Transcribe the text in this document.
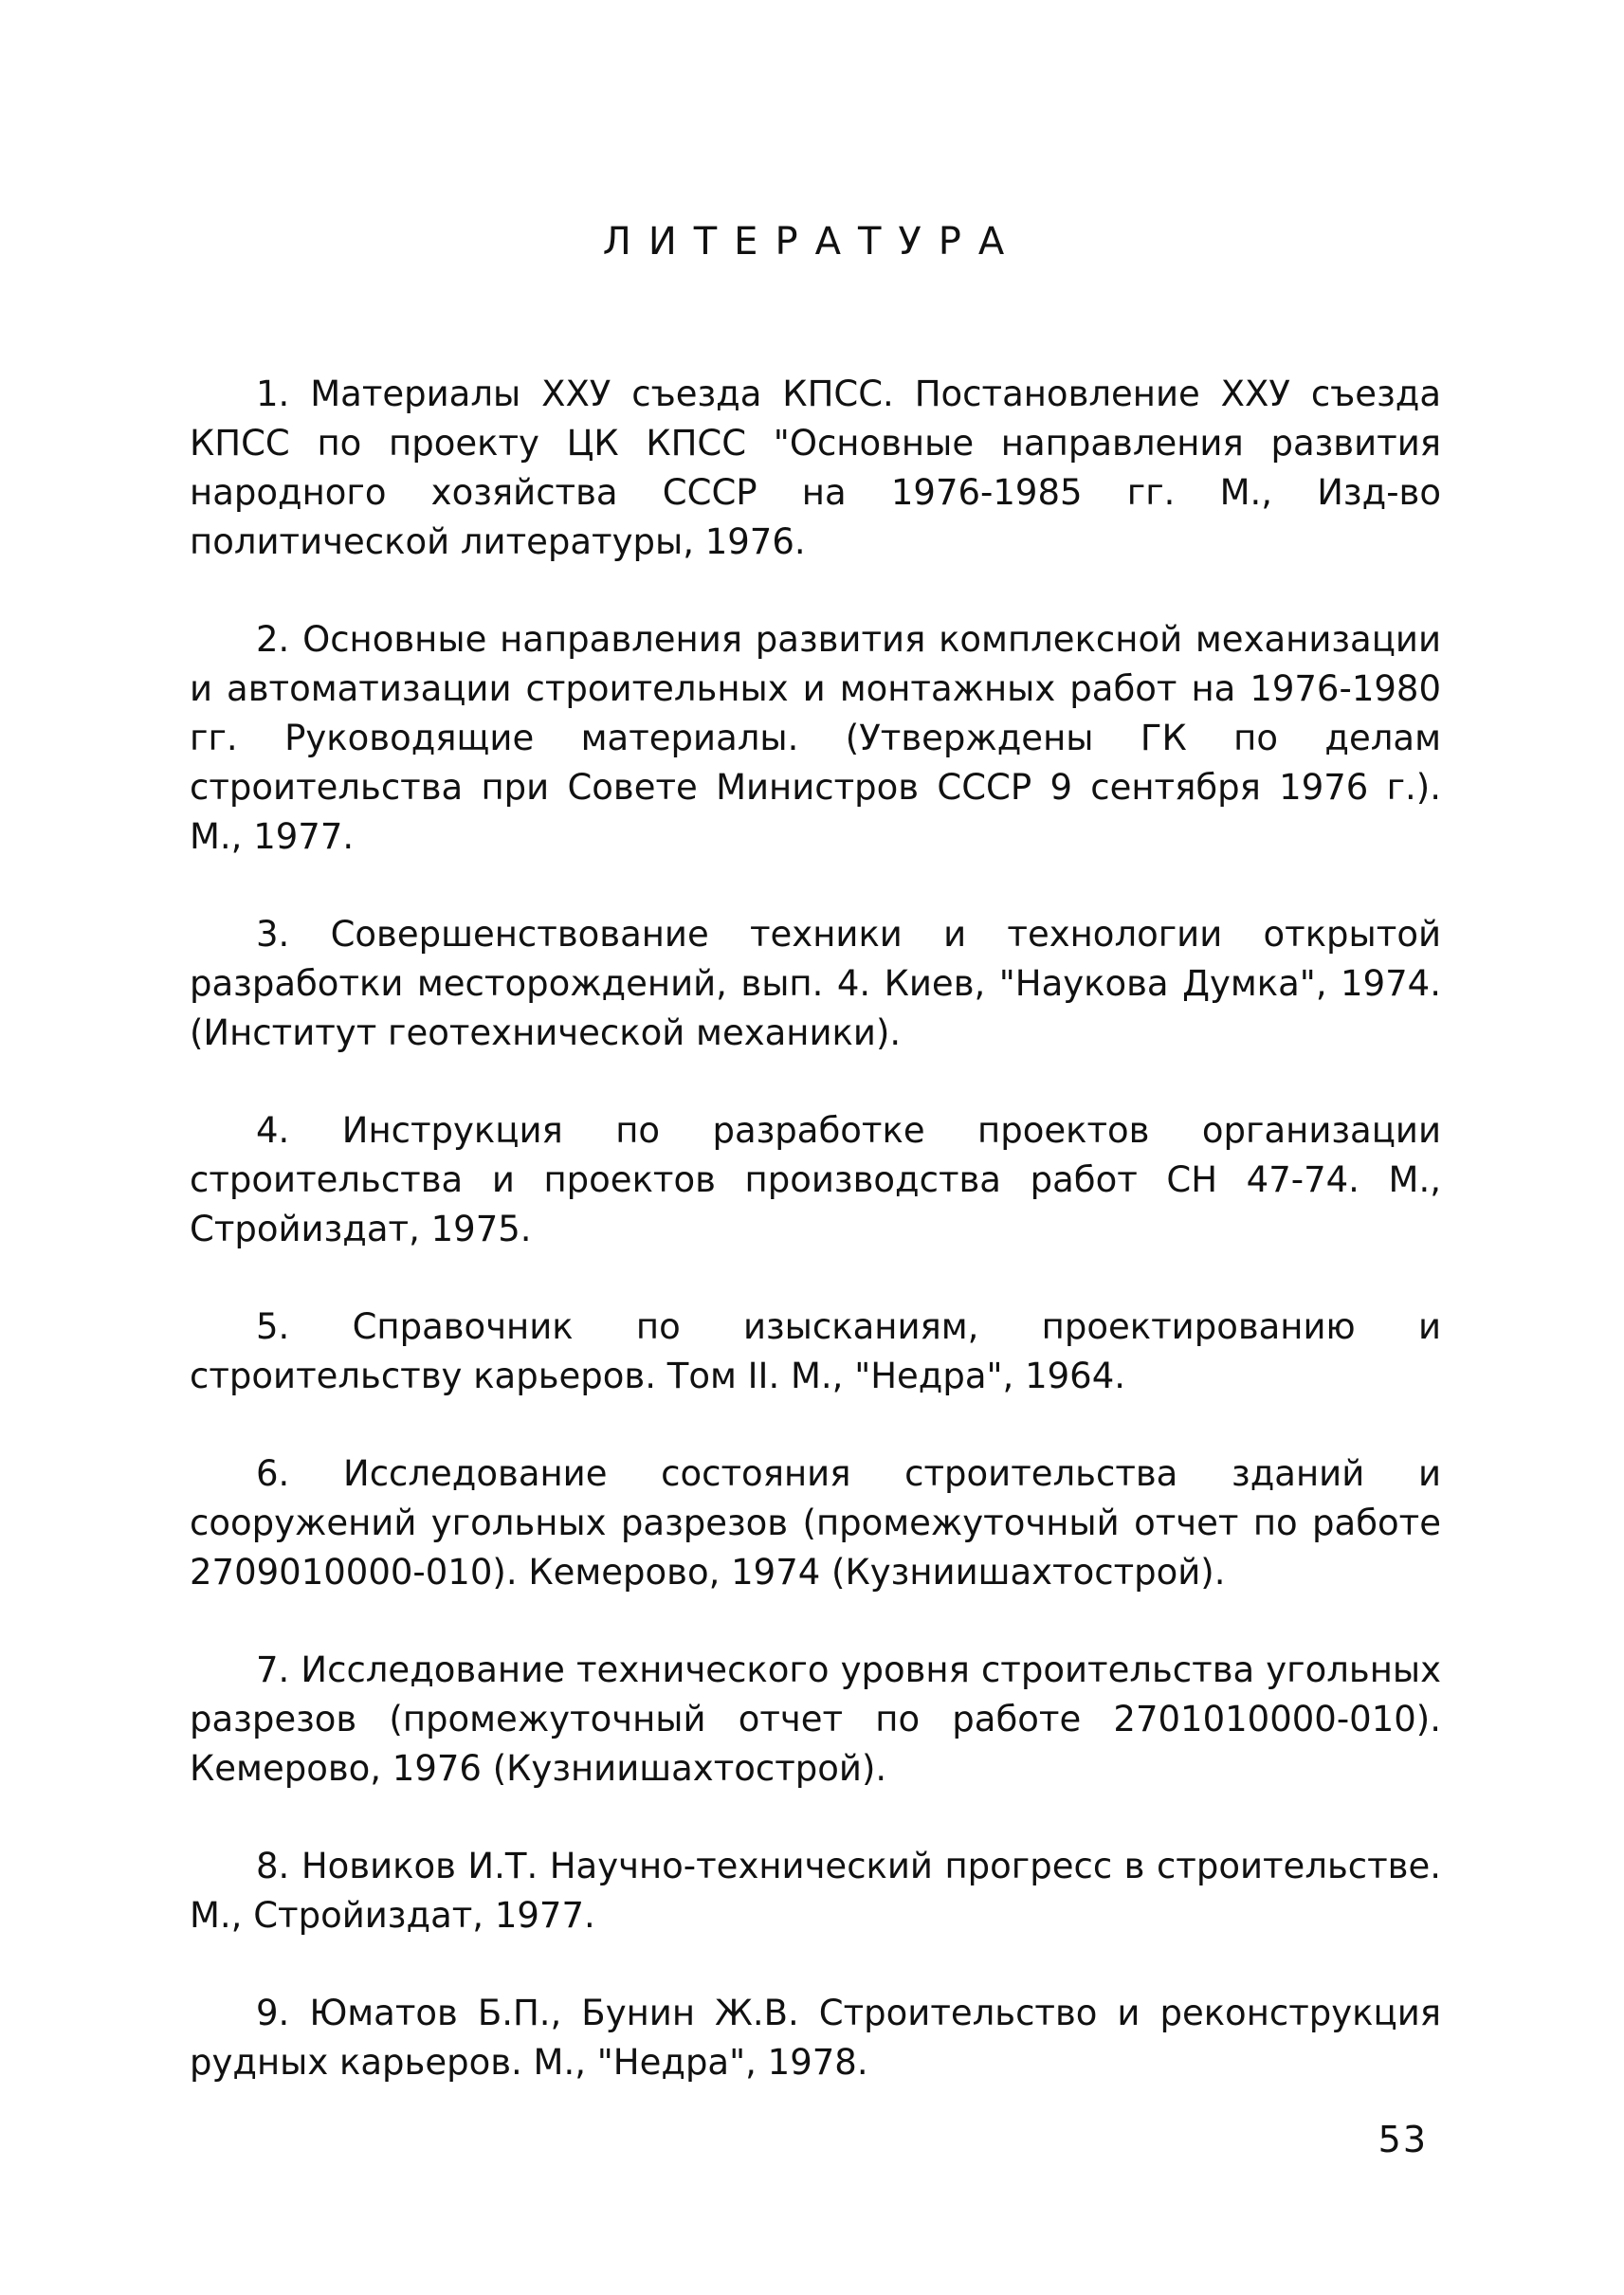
ЛИТЕРАТУРА

1. Материалы ХХУ съезда КПСС. Постановление ХХУ съезда КПСС по проекту ЦК КПСС "Основные направления развития народного хозяйства СССР на 1976-1985 гг. М., Изд-во политической литературы, 1976.

2. Основные направления развития комплексной механизации и автоматизации строительных и монтажных работ на 1976-1980 гг. Руководящие материалы. (Утверждены ГК по делам строительства при Совете Министров СССР 9 сентября 1976 г.). М., 1977.

3. Совершенствование техники и технологии открытой разработки месторождений, вып. 4. Киев, "Наукова Думка", 1974. (Институт геотехнической механики).

4. Инструкция по разработке проектов организации строительства и проектов производства работ СН 47-74. М., Стройиздат, 1975.

5. Справочник по изысканиям, проектированию и строительству карьеров. Том II. М., "Недра", 1964.

6. Исследование состояния строительства зданий и сооружений угольных разрезов (промежуточный отчет по работе 2709010000-010). Кемерово, 1974 (Кузниишахтострой).

7. Исследование технического уровня строительства угольных разрезов (промежуточный отчет по работе 2701010000-010). Кемерово, 1976 (Кузниишахтострой).

8. Новиков И.Т. Научно-технический прогресс в строительстве. М., Стройиздат, 1977.

9. Юматов Б.П., Бунин Ж.В. Строительство и реконструкция рудных карьеров. М., "Недра", 1978.

53
